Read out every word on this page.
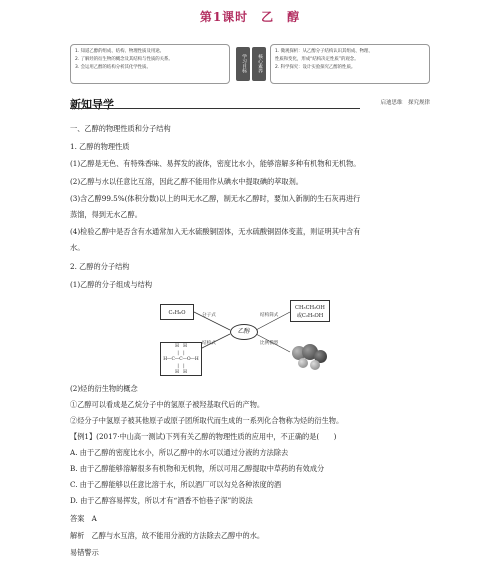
第1课时　乙　醇
1. 知道乙醇的组成、结构、物理性质及用途。
2. 了解烃的衍生物的概念及其结构与性质的关系。
3. 会运用乙醇的结构分析其化学性质。	学习目标	核心素养
1. 微观探析：从乙醇分子结构认识其组成、物理、
性质和变化，形成“结构决定性质”的观念。
2. 科学探究：设计实验探究乙醇的性质。
新知导学	启迪思维　探究规律
一、乙醇的物理性质和分子结构
1. 乙醇的物理性质
(1)乙醇是无色、有特殊香味、易挥发的液体，密度比水小，能够溶解多种有机物和无机物。
(2)乙醇与水以任意比互溶，因此乙醇不能用作从碘水中提取碘的萃取剂。
(3)含乙醇99.5%(体积分数)以上的叫无水乙醇，制无水乙醇时，要加入新制的生石灰再进行
蒸馏，得到无水乙醇。
(4)检验乙醇中是否含有水通常加入无水硫酸铜固体，无水硫酸铜固体变蓝，则证明其中含有
水。
2. 乙醇的分子结构
(1)乙醇的分子组成与结构
C₂H₆O
CH₃CH₂OH
或C₂H₅OH
乙醇
分子式	结构简式
结构式	比例模型
H   H
|   |
H—C—C—O—H
|   |
H   H
(2)烃的衍生物的概念
①乙醇可以看成是乙烷分子中的氢原子被羟基取代后的产物。
②烃分子中氢原子被其他原子或原子团所取代而生成的一系列化合物称为烃的衍生物。
【例1】(2017·中山高一测试)下列有关乙醇的物理性质的应用中，不正确的是(　　)
A. 由于乙醇的密度比水小，所以乙醇中的水可以通过分液的方法除去
B. 由于乙醇能够溶解很多有机物和无机物，所以可用乙醇提取中草药的有效成分
C. 由于乙醇能够以任意比溶于水，所以酒厂可以勾兑各种浓度的酒
D. 由于乙醇容易挥发，所以才有“酒香不怕巷子深”的说法
答案　A
解析　乙醇与水互溶，故不能用分液的方法除去乙醇中的水。
易错警示
